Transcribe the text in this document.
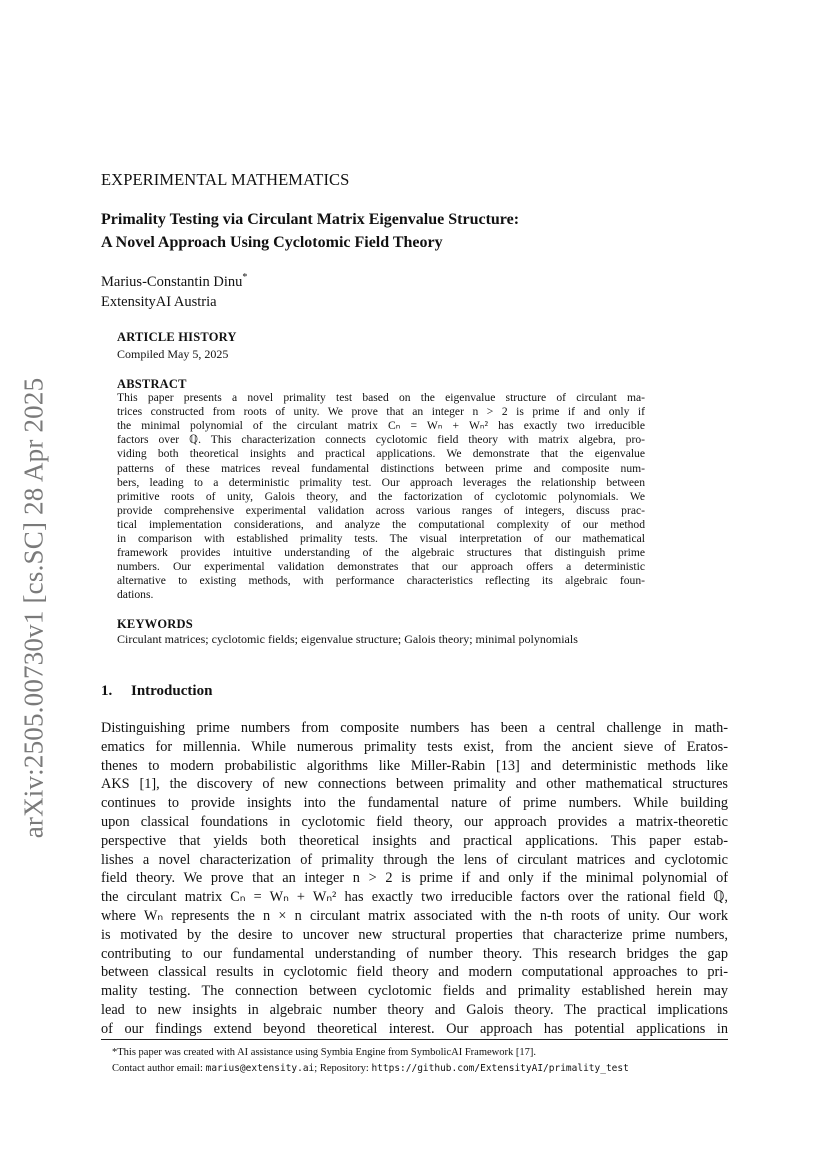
arXiv:2505.00730v1 [cs.SC] 28 Apr 2025
EXPERIMENTAL MATHEMATICS
Primality Testing via Circulant Matrix Eigenvalue Structure:
A Novel Approach Using Cyclotomic Field Theory
Marius-Constantin Dinu*
ExtensityAI Austria
ARTICLE HISTORY
Compiled May 5, 2025
ABSTRACT
This paper presents a novel primality test based on the eigenvalue structure of circulant ma-
trices constructed from roots of unity. We prove that an integer n > 2 is prime if and only if
the minimal polynomial of the circulant matrix Cₙ = Wₙ + Wₙ² has exactly two irreducible
factors over ℚ. This characterization connects cyclotomic field theory with matrix algebra, pro-
viding both theoretical insights and practical applications. We demonstrate that the eigenvalue
patterns of these matrices reveal fundamental distinctions between prime and composite num-
bers, leading to a deterministic primality test. Our approach leverages the relationship between
primitive roots of unity, Galois theory, and the factorization of cyclotomic polynomials. We
provide comprehensive experimental validation across various ranges of integers, discuss prac-
tical implementation considerations, and analyze the computational complexity of our method
in comparison with established primality tests. The visual interpretation of our mathematical
framework provides intuitive understanding of the algebraic structures that distinguish prime
numbers. Our experimental validation demonstrates that our approach offers a deterministic
alternative to existing methods, with performance characteristics reflecting its algebraic foun-
dations.
KEYWORDS
Circulant matrices; cyclotomic fields; eigenvalue structure; Galois theory; minimal polynomials
1. Introduction
Distinguishing prime numbers from composite numbers has been a central challenge in math-
ematics for millennia. While numerous primality tests exist, from the ancient sieve of Eratos-
thenes to modern probabilistic algorithms like Miller-Rabin [13] and deterministic methods like
AKS [1], the discovery of new connections between primality and other mathematical structures
continues to provide insights into the fundamental nature of prime numbers. While building
upon classical foundations in cyclotomic field theory, our approach provides a matrix-theoretic
perspective that yields both theoretical insights and practical applications. This paper estab-
lishes a novel characterization of primality through the lens of circulant matrices and cyclotomic
field theory. We prove that an integer n > 2 is prime if and only if the minimal polynomial of
the circulant matrix Cₙ = Wₙ + Wₙ² has exactly two irreducible factors over the rational field ℚ,
where Wₙ represents the n × n circulant matrix associated with the n-th roots of unity. Our work
is motivated by the desire to uncover new structural properties that characterize prime numbers,
contributing to our fundamental understanding of number theory. This research bridges the gap
between classical results in cyclotomic field theory and modern computational approaches to pri-
mality testing. The connection between cyclotomic fields and primality established herein may
lead to new insights in algebraic number theory and Galois theory. The practical implications
of our findings extend beyond theoretical interest. Our approach has potential applications in
*This paper was created with AI assistance using Symbia Engine from SymbolicAI Framework [17].
Contact author email: marius@extensity.ai; Repository: https://github.com/ExtensityAI/primality_test
